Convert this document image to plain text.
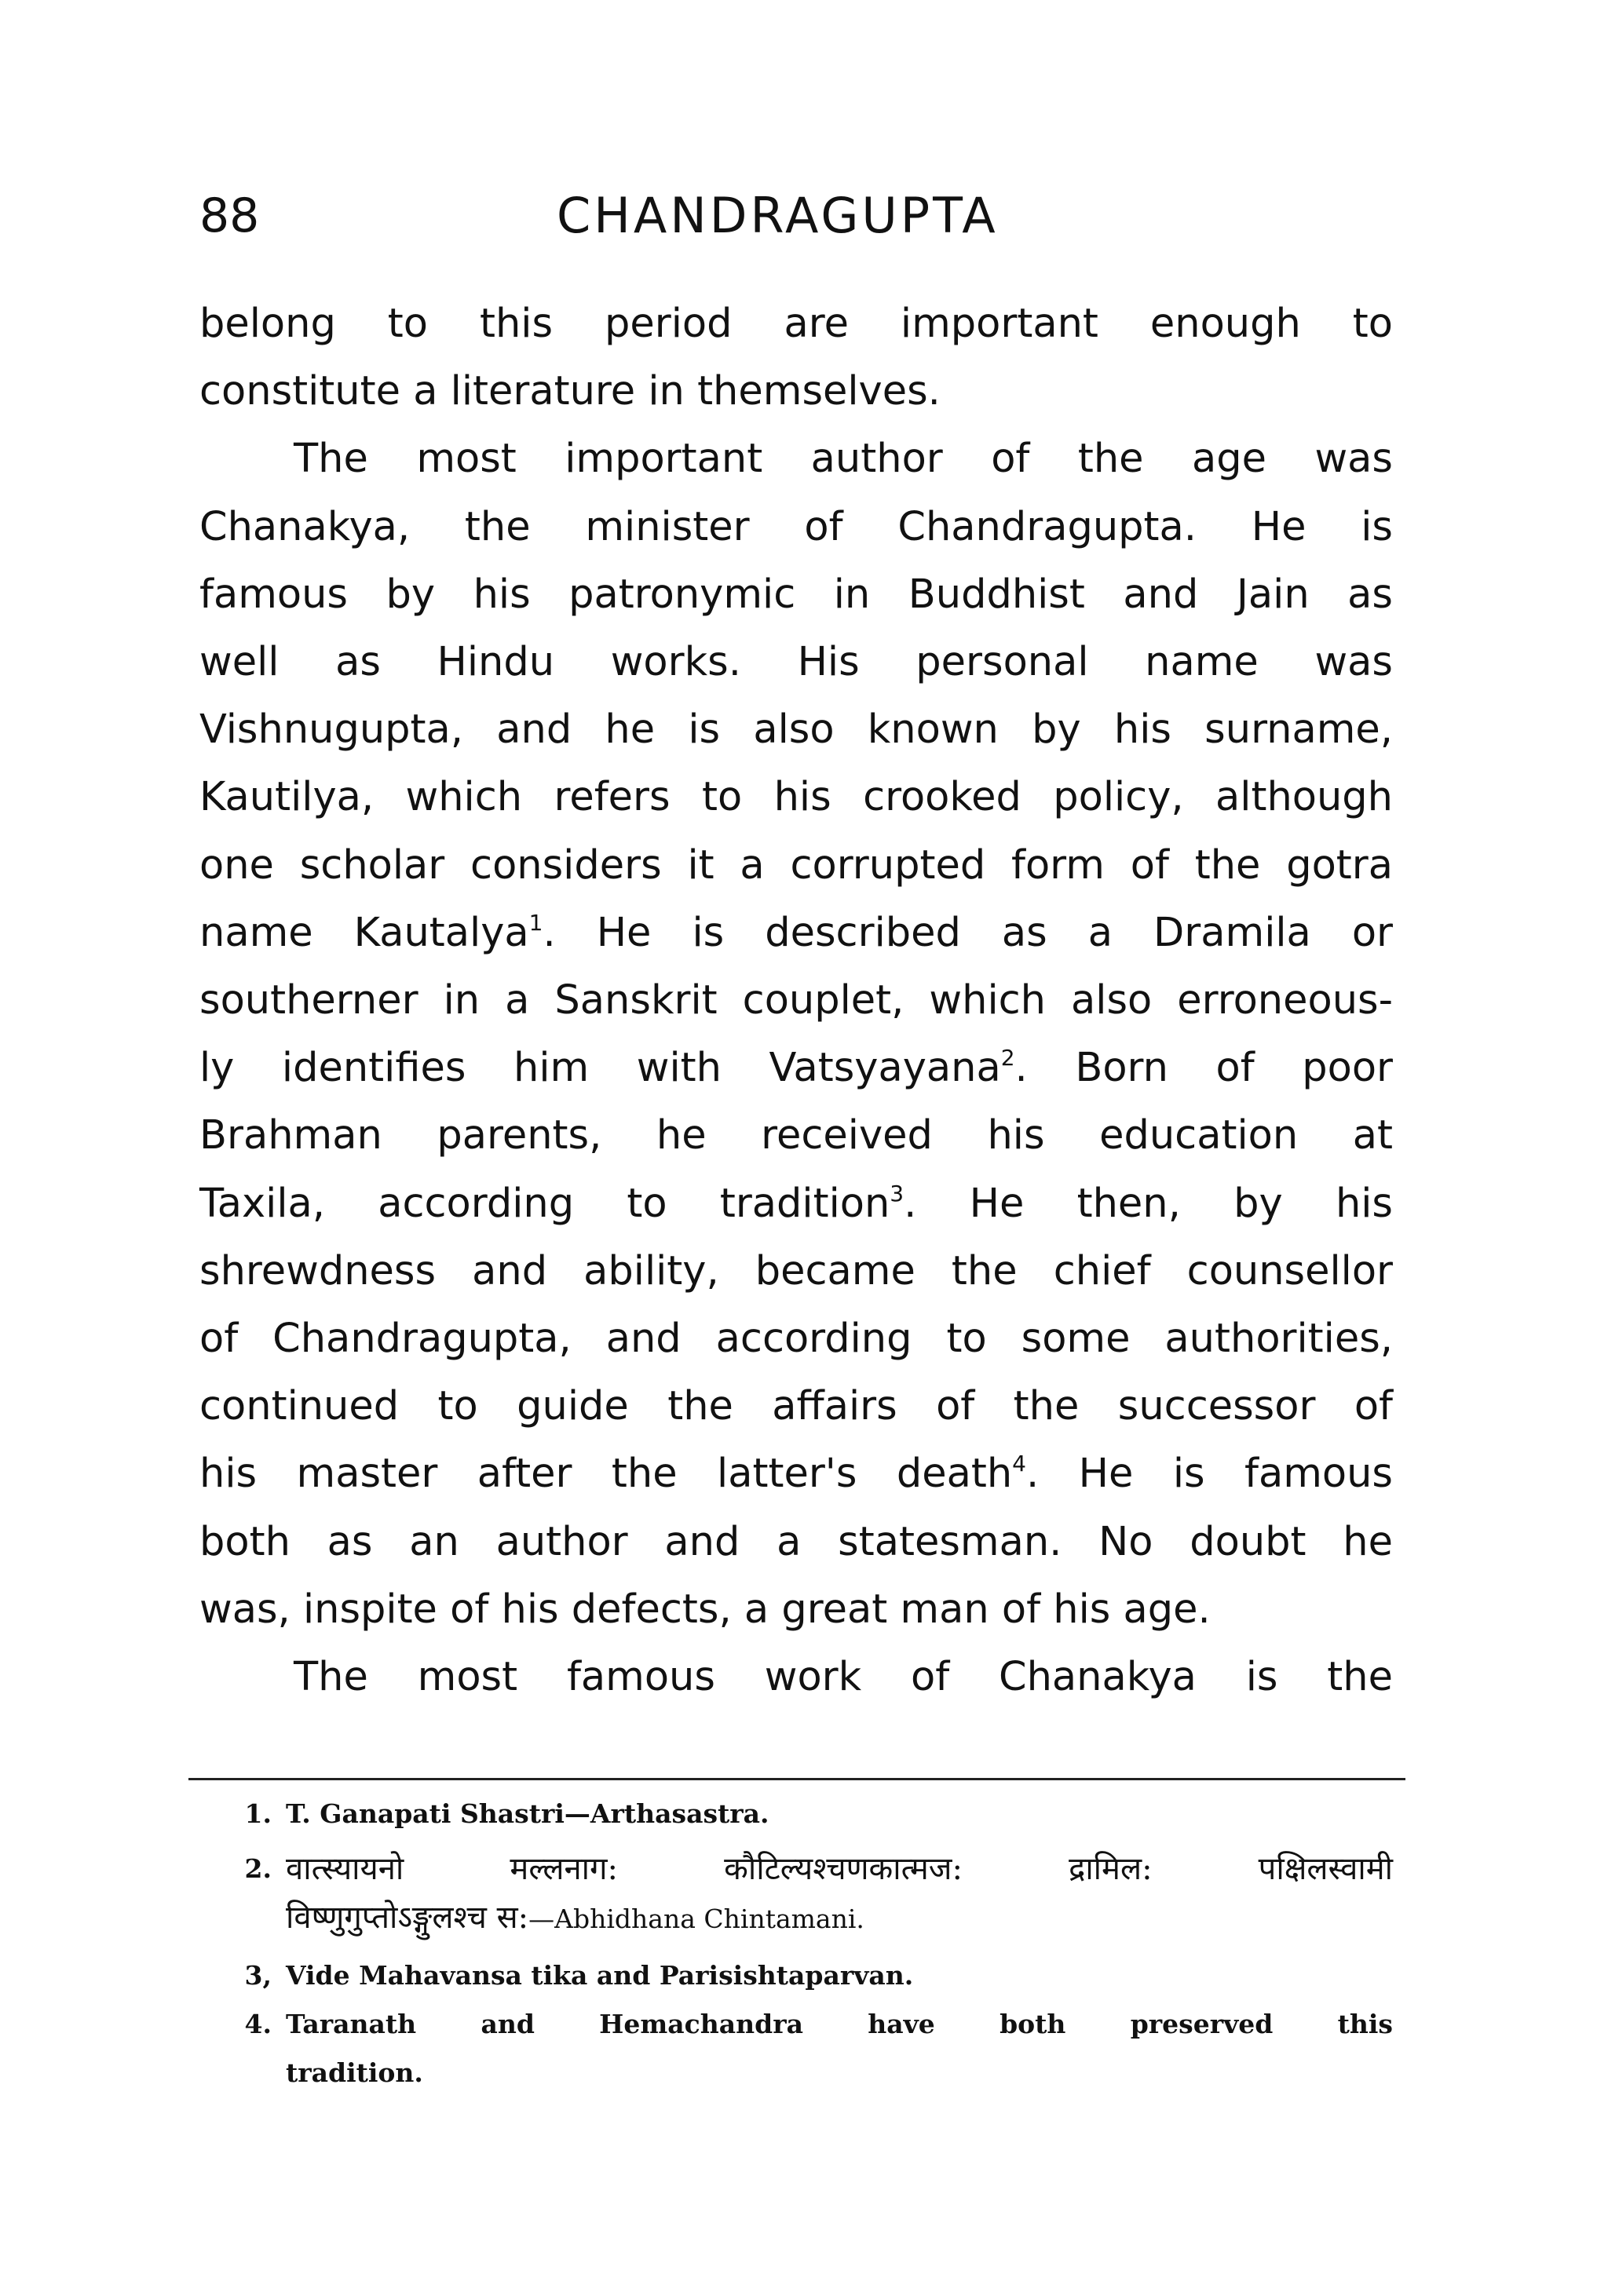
88	CHANDRAGUPTA
belong to this period are important enough to
constitute a literature in themselves.
The most important author of the age was
Chanakya, the minister of Chandragupta. He is
famous by his patronymic in Buddhist and Jain as
well as Hindu works. His personal name was
Vishnugupta, and he is also known by his surname,
Kautilya, which refers to his crooked policy, although
one scholar considers it a corrupted form of the gotra
name Kautalya$^1$. He is described as a Dramila or
southerner in a Sanskrit couplet, which also erroneous-
ly identifies him with Vatsyayana$^2$. Born of poor
Brahman parents, he received his education at
Taxila, according to tradition$^3$. He then, by his
shrewdness and ability, became the chief counsellor
of Chandragupta, and according to some authorities,
continued to guide the affairs of the successor of
his master after the latter's death$^4$. He is famous
both as an author and a statesman. No doubt he
was, inspite of his defects, a great man of his age.
The most famous work of Chanakya is the
1. T. Ganapati Shastri—Arthasastra.
2. वात्स्यायनो मल्लनाग: कौटिल्यश्चणकात्मज: द्रामिल: पक्षिलस्वामी
विष्णुगुप्तोऽङ्गुलश्च स:—Abhidhana Chintamani.
3, Vide Mahavansa tika and Parisishtaparvan.
4. Taranath and Hemachandra have both preserved this
tradition.
